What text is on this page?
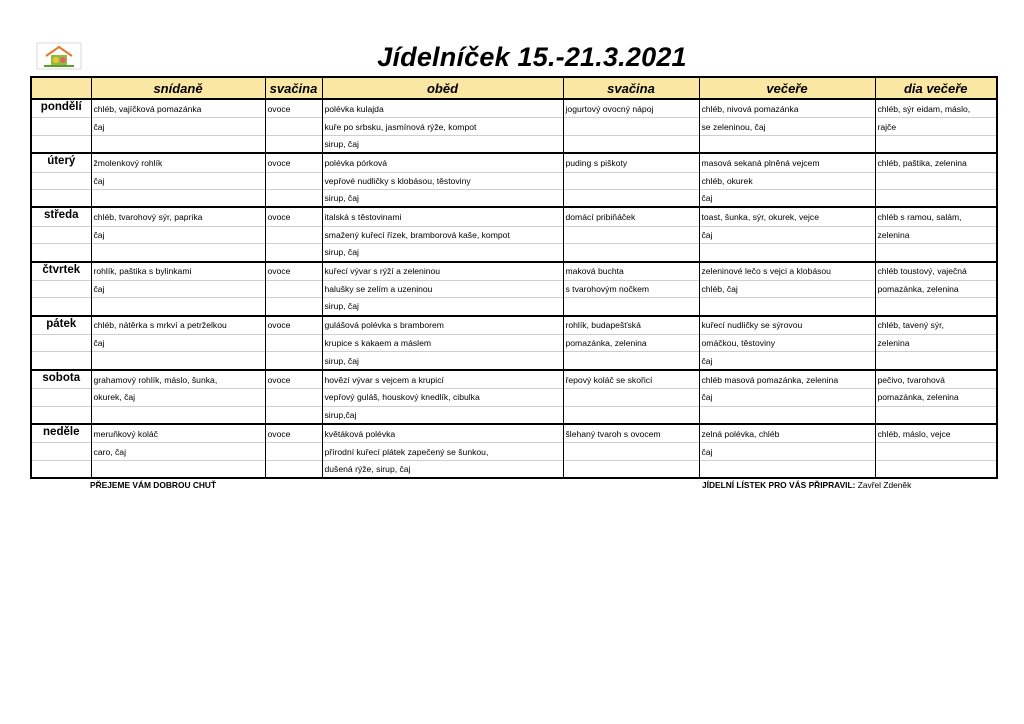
Jídelníček 15.-21.3.2021
	snídaně	svačina	oběd	svačina	večeře	dia večeře
pondělí	chléb, vajíčková pomazánka	ovoce	polévka kulajda	jogurtový ovocný nápoj	chléb, nivová pomazánka	chléb, sýr eidam, máslo,
	čaj		kuře po srbsku, jasmínová rýže, kompot		se zeleninou, čaj	rajče
			sirup, čaj			
úterý	žmolenkový rohlík	ovoce	polévka pórková	puding s piškoty	masová sekaná plněná vejcem	chléb, paštika, zelenina
	čaj		vepřové nudličky s klobásou, těstoviny		chléb, okurek	
			sirup, čaj		čaj	
středa	chléb, tvarohový sýr, paprika	ovoce	italská s těstovinami	domácí pribiňáček	toast, šunka, sýr, okurek, vejce	chléb s ramou, salám,
	čaj		smažený kuřecí řízek, bramborová kaše, kompot		čaj	zelenina
			sirup, čaj			
čtvrtek	rohlík, paštika s bylinkami	ovoce	kuřecí vývar s rýží a zeleninou	maková buchta	zeleninové lečo s vejci a klobásou	chléb toustový, vaječná
	čaj		halušky se zelím a uzeninou	s tvarohovým nočkem	chléb, čaj	pomazánka, zelenina
			sirup, čaj			
pátek	chléb, nátěrka s mrkví a petrželkou	ovoce	gulášová polévka s bramborem	rohlík, budapešťská	kuřecí nudličky se sýrovou	chléb, tavený sýr,
	čaj		krupice s kakaem a máslem	pomazánka, zelenina	omáčkou, těstoviny	zelenina
			sirup, čaj		čaj	
sobota	grahamový rohlík, máslo, šunka,	ovoce	hovězí vývar s vejcem a krupicí	řepový koláč se skořicí	chléb masová pomazánka, zelenina	pečivo, tvarohová
	okurek, čaj		vepřový guláš, houskový knedlík, cibulka		čaj	pomazánka, zelenina
			sirup,čaj			
neděle	meruňkový koláč	ovoce	květáková polévka	šlehaný tvaroh s ovocem	zelná polévka, chléb	chléb, máslo, vejce
	caro, čaj		přírodní kuřecí plátek zapečený se šunkou,		čaj	
			dušená rýže, sirup, čaj			
PŘEJEME VÁM DOBROU CHUŤ	JÍDELNÍ LÍSTEK PRO VÁS PŘIPRAVIL: Zavřel Zdeněk
